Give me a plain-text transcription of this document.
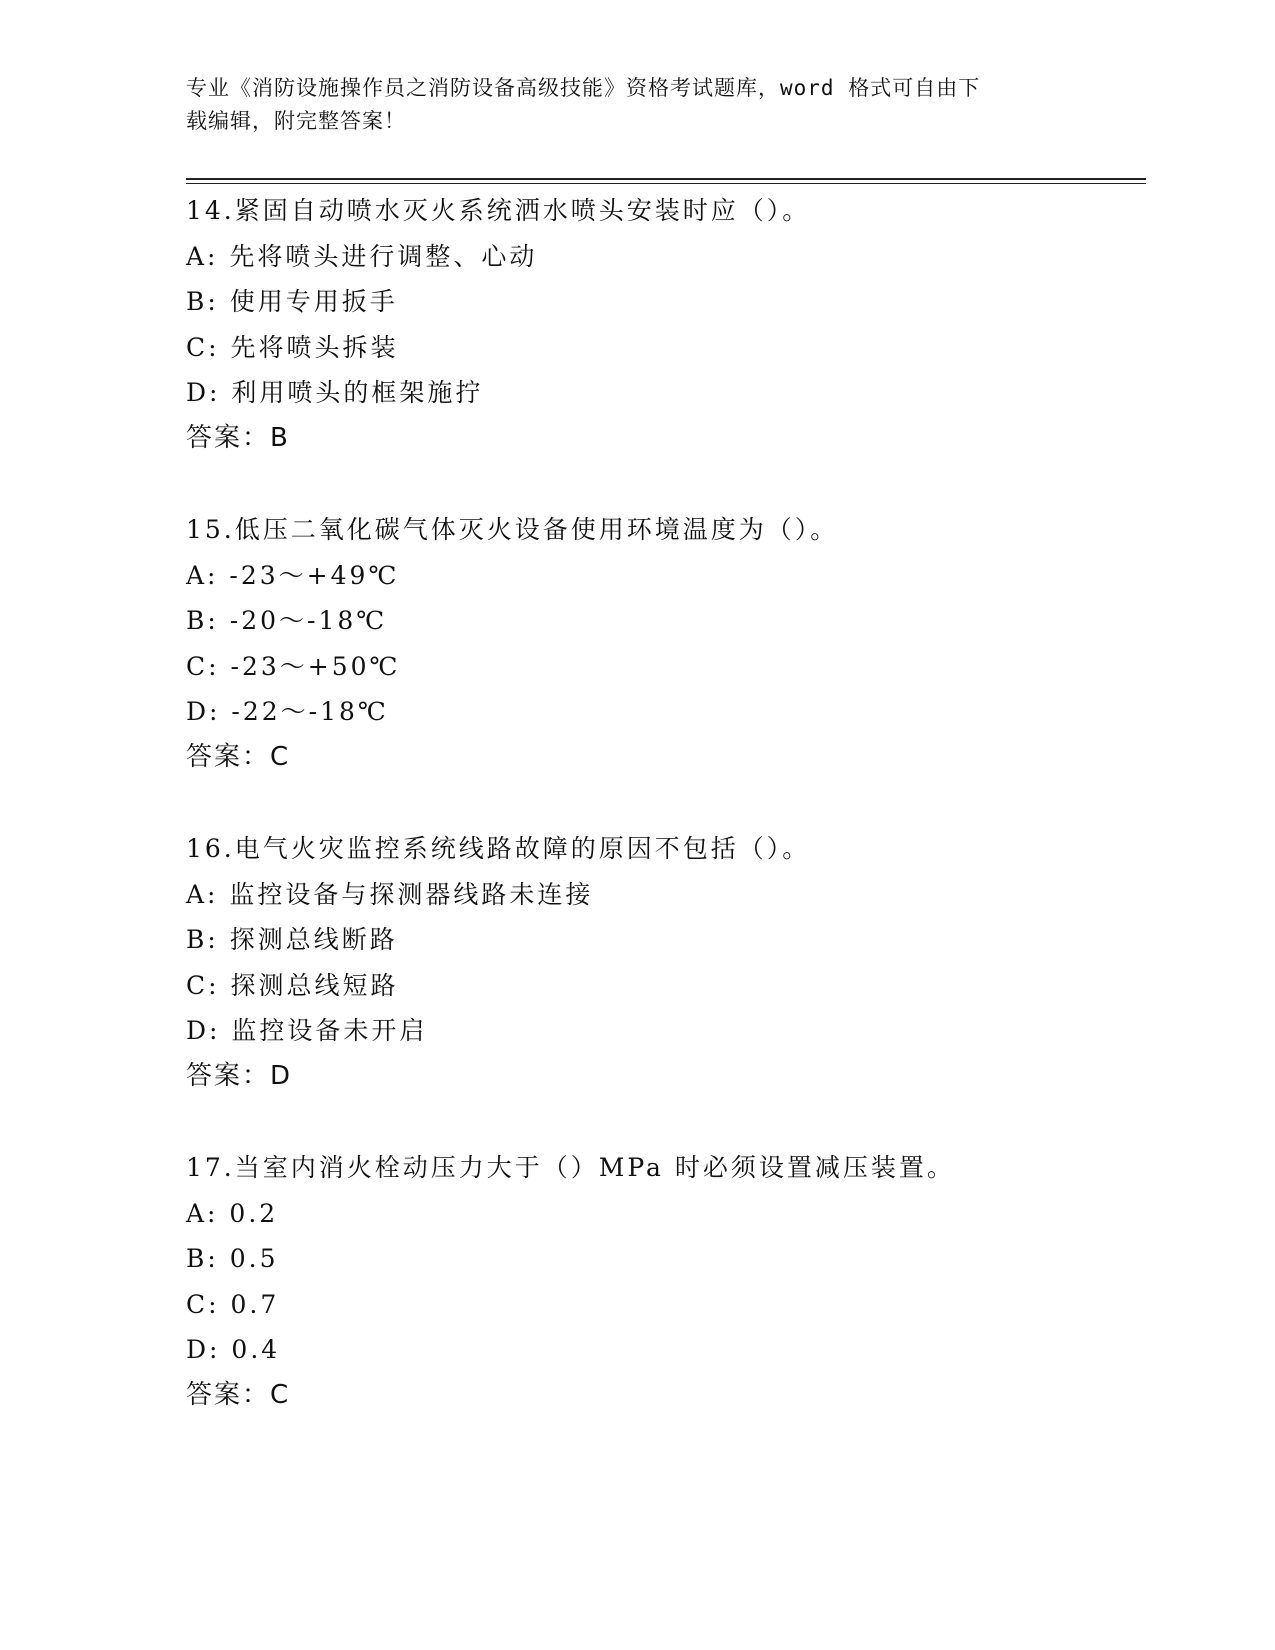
专业《消防设施操作员之消防设备高级技能》资格考试题库，word 格式可自由下
载编辑，附完整答案！
14.紧固自动喷水灭火系统洒水喷头安装时应（）。
A: 先将喷头进行调整、心动
B: 使用专用扳手
C: 先将喷头拆装
D: 利用喷头的框架施拧
答案：B
15.低压二氧化碳气体灭火设备使用环境温度为（）。
A: -23～+49℃
B: -20～-18℃
C: -23～+50℃
D: -22～-18℃
答案：C
16.电气火灾监控系统线路故障的原因不包括（）。
A: 监控设备与探测器线路未连接
B: 探测总线断路
C: 探测总线短路
D: 监控设备未开启
答案：D
17.当室内消火栓动压力大于（）MPa 时必须设置减压装置。
A: 0.2
B: 0.5
C: 0.7
D: 0.4
答案：C
